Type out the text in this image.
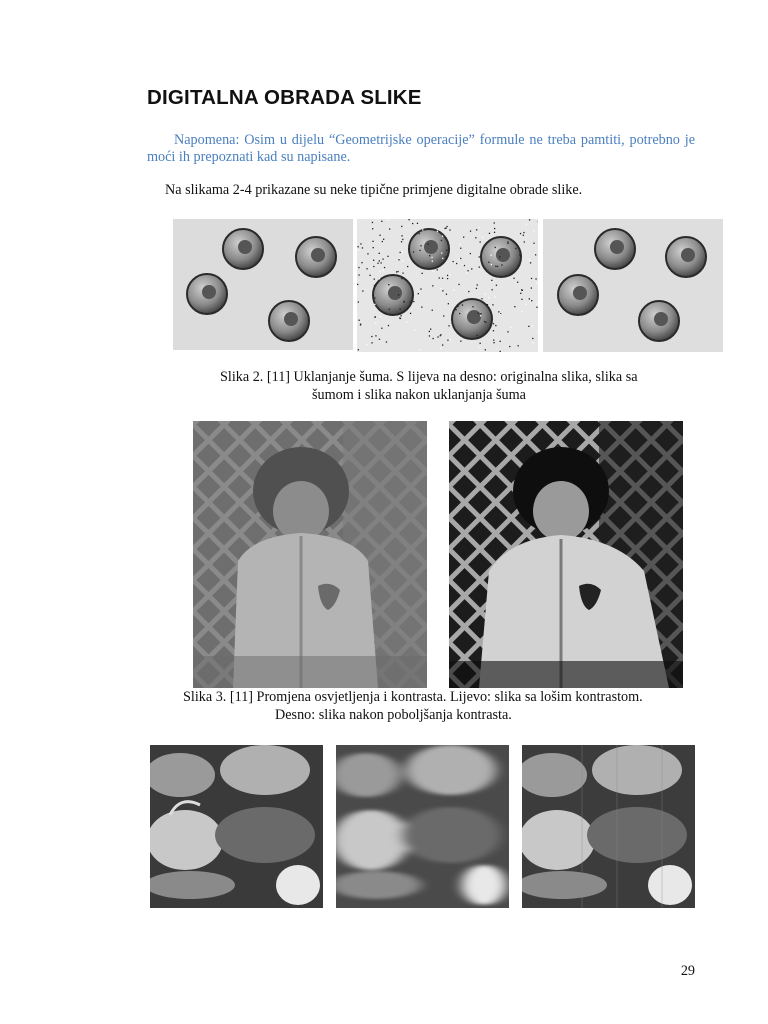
DIGITALNA OBRADA SLIKE
Napomena: Osim u dijelu “Geometrijske operacije” formule ne treba pamtiti, potrebno je moći ih prepoznati kad su napisane.
Na slikama 2-4 prikazane su neke tipične primjene digitalne obrade slike.
Slika 2. [11] Uklanjanje šuma. S lijeva na desno: originalna slika, slika sa
šumom i slika nakon uklanjanja šuma
Slika 3. [11] Promjena osvjetljenja i kontrasta. Lijevo: slika sa lošim kontrastom.
Desno: slika nakon poboljšanja kontrasta.
29
